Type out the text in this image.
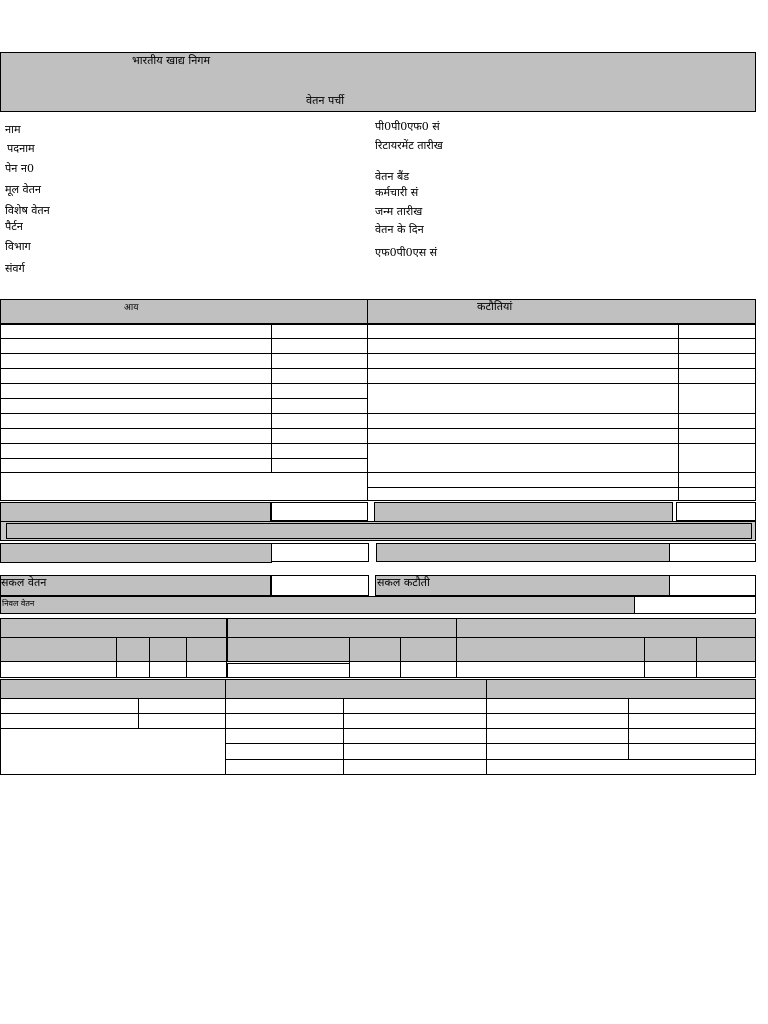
भारतीय खाद्य निगम
वेतन पर्ची
नाम
पदनाम
पेन न0
मूल वेतन
विशेष वेतन
पैर्टन
विभाग
संवर्ग
पी0पी0एफ0 सं
रिटायरमेंट तारीख
वेतन बैंड
कर्मचारी सं
जन्म तारीख
वेतन के दिन
एफ0पी0एस सं
आय	कटौतियां
सकल वेतन	सकल कटौती
निवल वेतन
